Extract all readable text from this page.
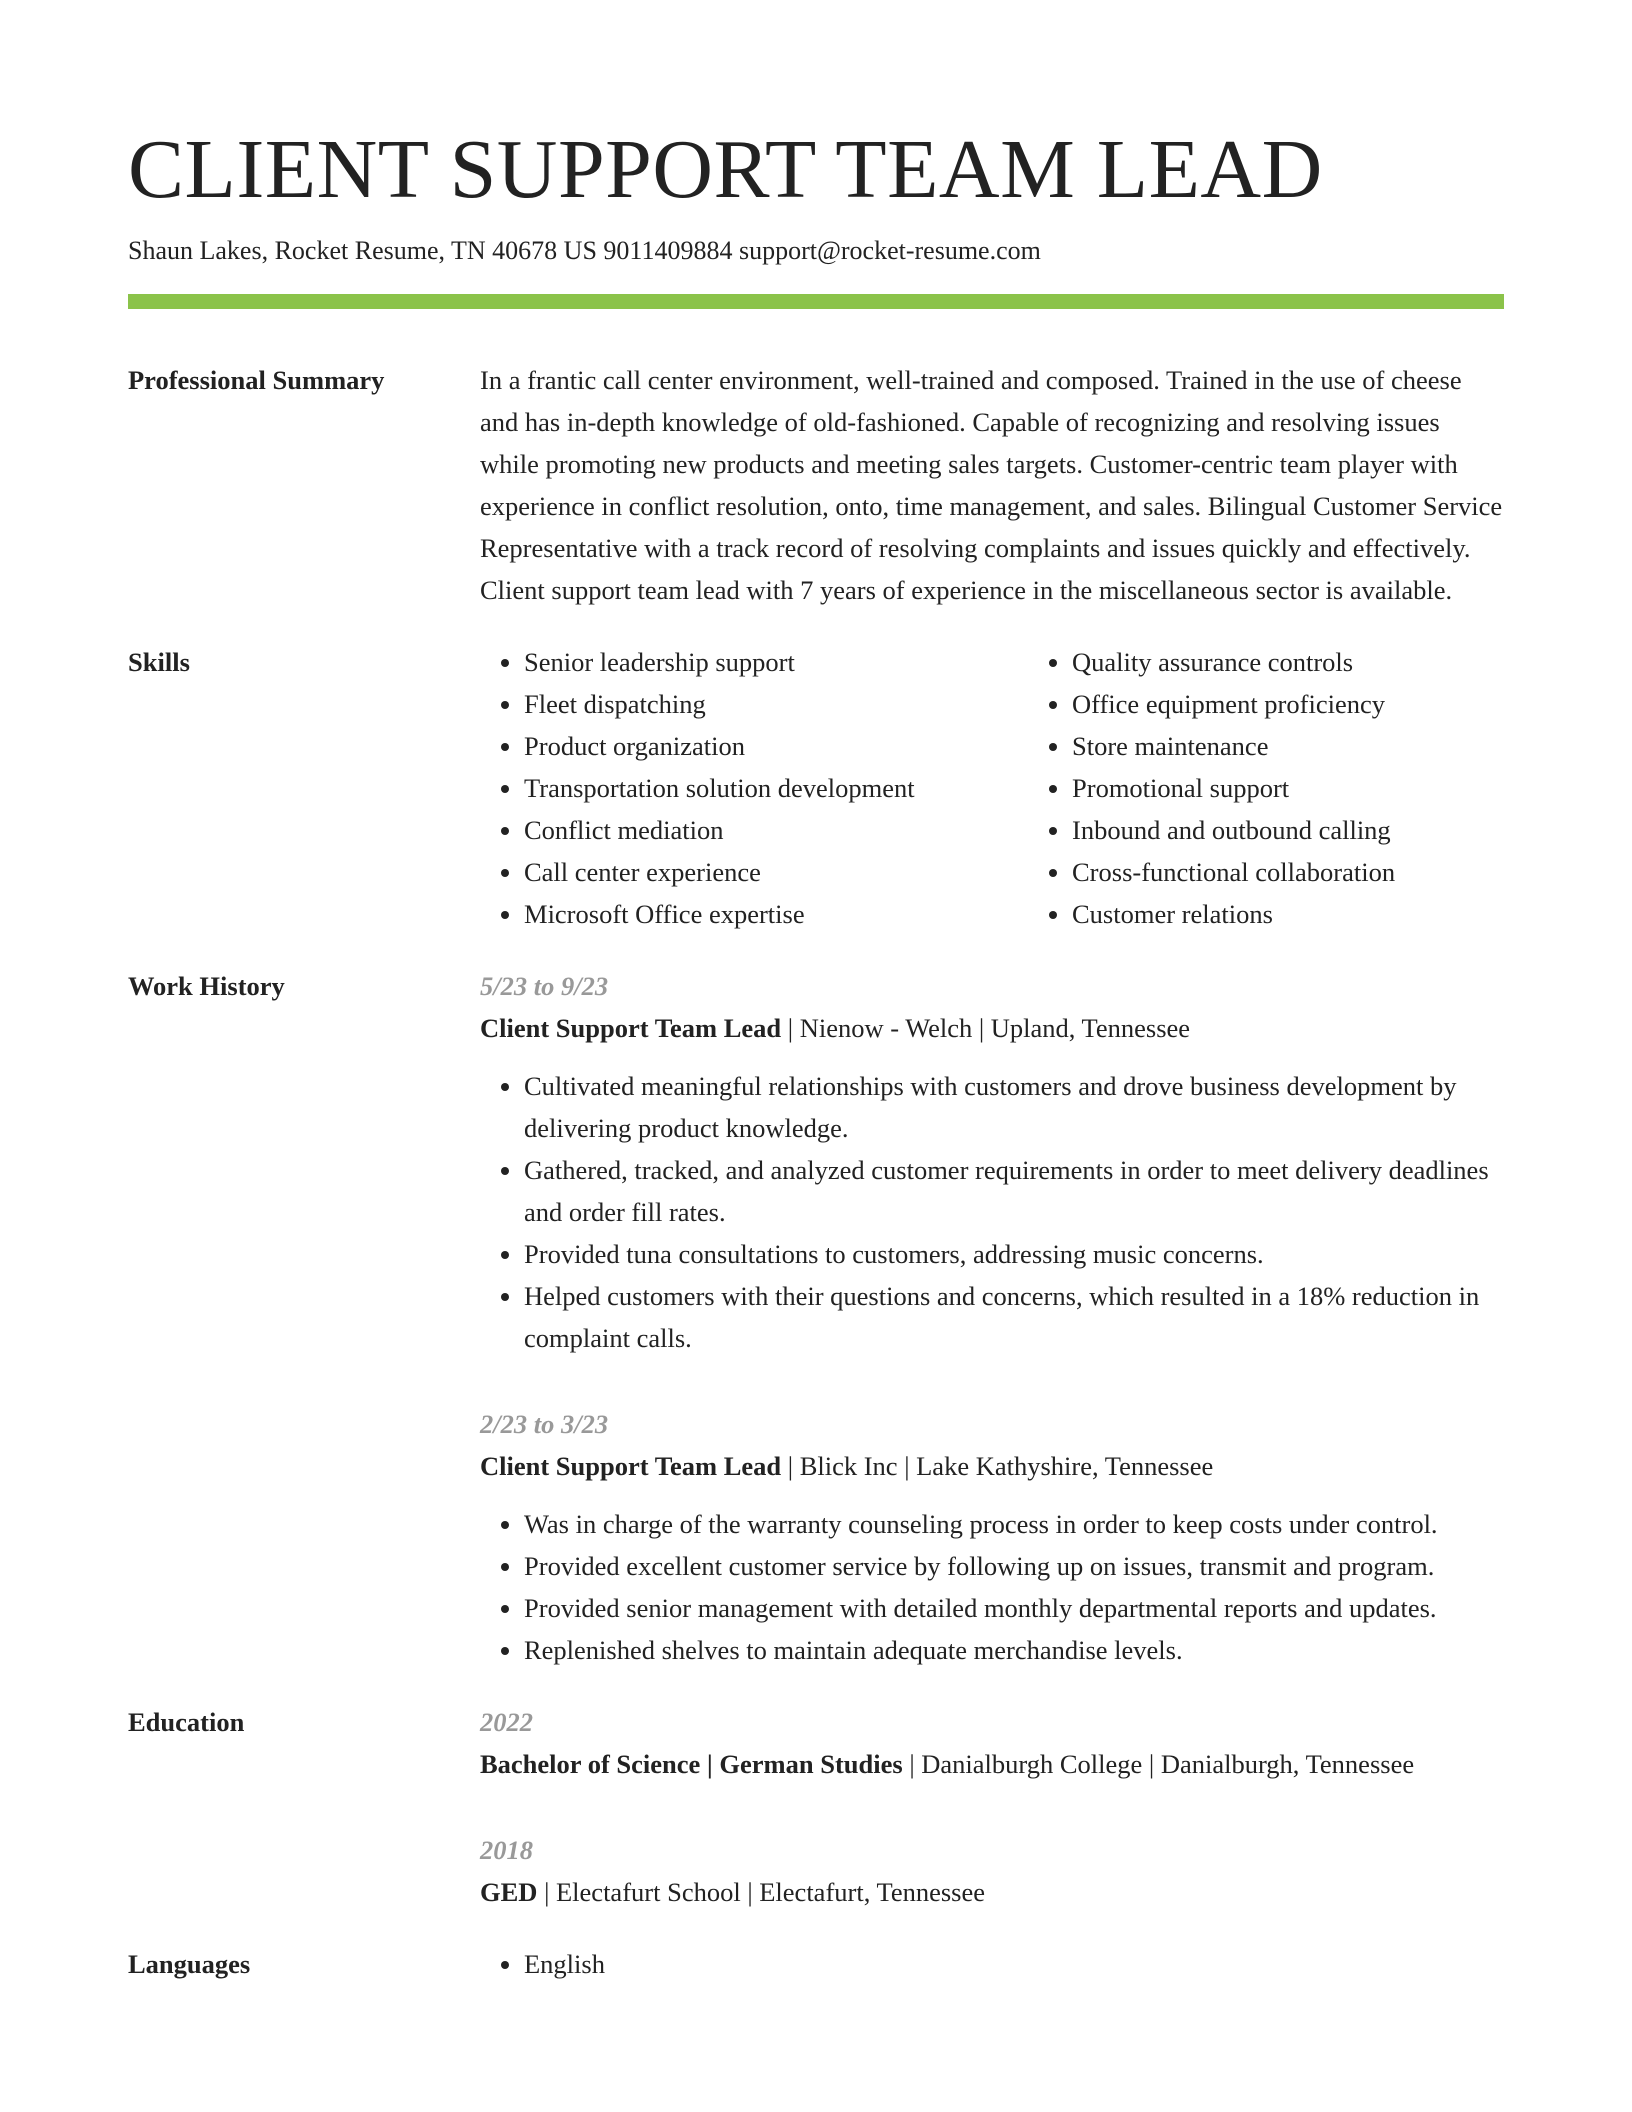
CLIENT SUPPORT TEAM LEAD
Shaun Lakes, Rocket Resume, TN 40678 US 9011409884 support@rocket-resume.com
Professional Summary	In a frantic call center environment, well-trained and composed. Trained in the use of cheese and has in-depth knowledge of old-fashioned. Capable of recognizing and resolving issues while promoting new products and meeting sales targets. Customer-centric team player with experience in conflict resolution, onto, time management, and sales. Bilingual Customer Service Representative with a track record of resolving complaints and issues quickly and effectively. Client support team lead with 7 years of experience in the miscellaneous sector is available.

Skills	• Senior leadership support
• Fleet dispatching
• Product organization
• Transportation solution development
• Conflict mediation
• Call center experience
• Microsoft Office expertise
• Quality assurance controls
• Office equipment proficiency
• Store maintenance
• Promotional support
• Inbound and outbound calling
• Cross-functional collaboration
• Customer relations
Work History	5/23 to 9/23
Client Support Team Lead | Nienow - Welch | Upland, Tennessee
• Cultivated meaningful relationships with customers and drove business development by delivering product knowledge.
• Gathered, tracked, and analyzed customer requirements in order to meet delivery deadlines and order fill rates.
• Provided tuna consultations to customers, addressing music concerns.
• Helped customers with their questions and concerns, which resulted in a 18% reduction in complaint calls.
2/23 to 3/23
Client Support Team Lead | Blick Inc | Lake Kathyshire, Tennessee
• Was in charge of the warranty counseling process in order to keep costs under control.
• Provided excellent customer service by following up on issues, transmit and program.
• Provided senior management with detailed monthly departmental reports and updates.
• Replenished shelves to maintain adequate merchandise levels.
Education	2022
Bachelor of Science | German Studies | Danialburgh College | Danialburgh, Tennessee
2018
GED | Electafurt School | Electafurt, Tennessee
Languages	• English
